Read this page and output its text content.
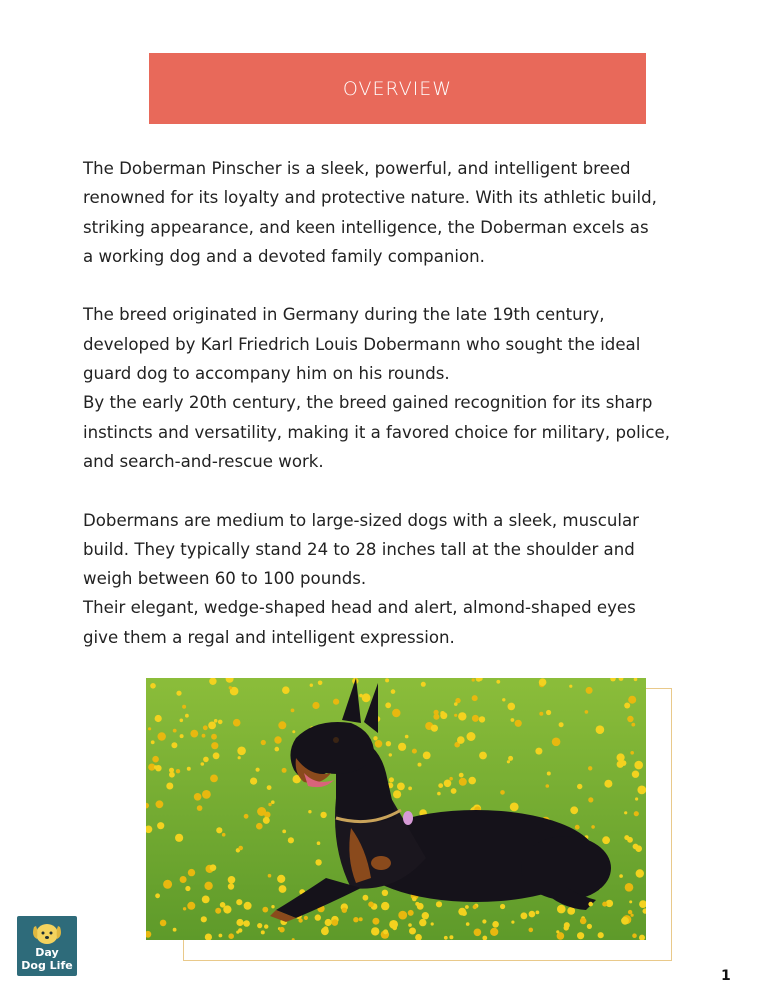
OVERVIEW

The Doberman Pinscher is a sleek, powerful, and intelligent breed

renowned for its loyalty and protective nature. With its athletic build,

striking appearance, and keen intelligence, the Doberman excels as

a working dog and a devoted family companion.

The breed originated in Germany during the late 19th century,

developed by Karl Friedrich Louis Dobermann who sought the ideal

guard dog to accompany him on his rounds.

By the early 20th century, the breed gained recognition for its sharp

instincts and versatility, making it a favored choice for military, police,

and search-and-rescue work.

Dobermans are medium to large-sized dogs with a sleek, muscular

build. They typically stand 24 to 28 inches tall at the shoulder and

weigh between 60 to 100 pounds.

Their elegant, wedge-shaped head and alert, almond-shaped eyes

give them a regal and intelligent expression.

Day
Dog Life
1
